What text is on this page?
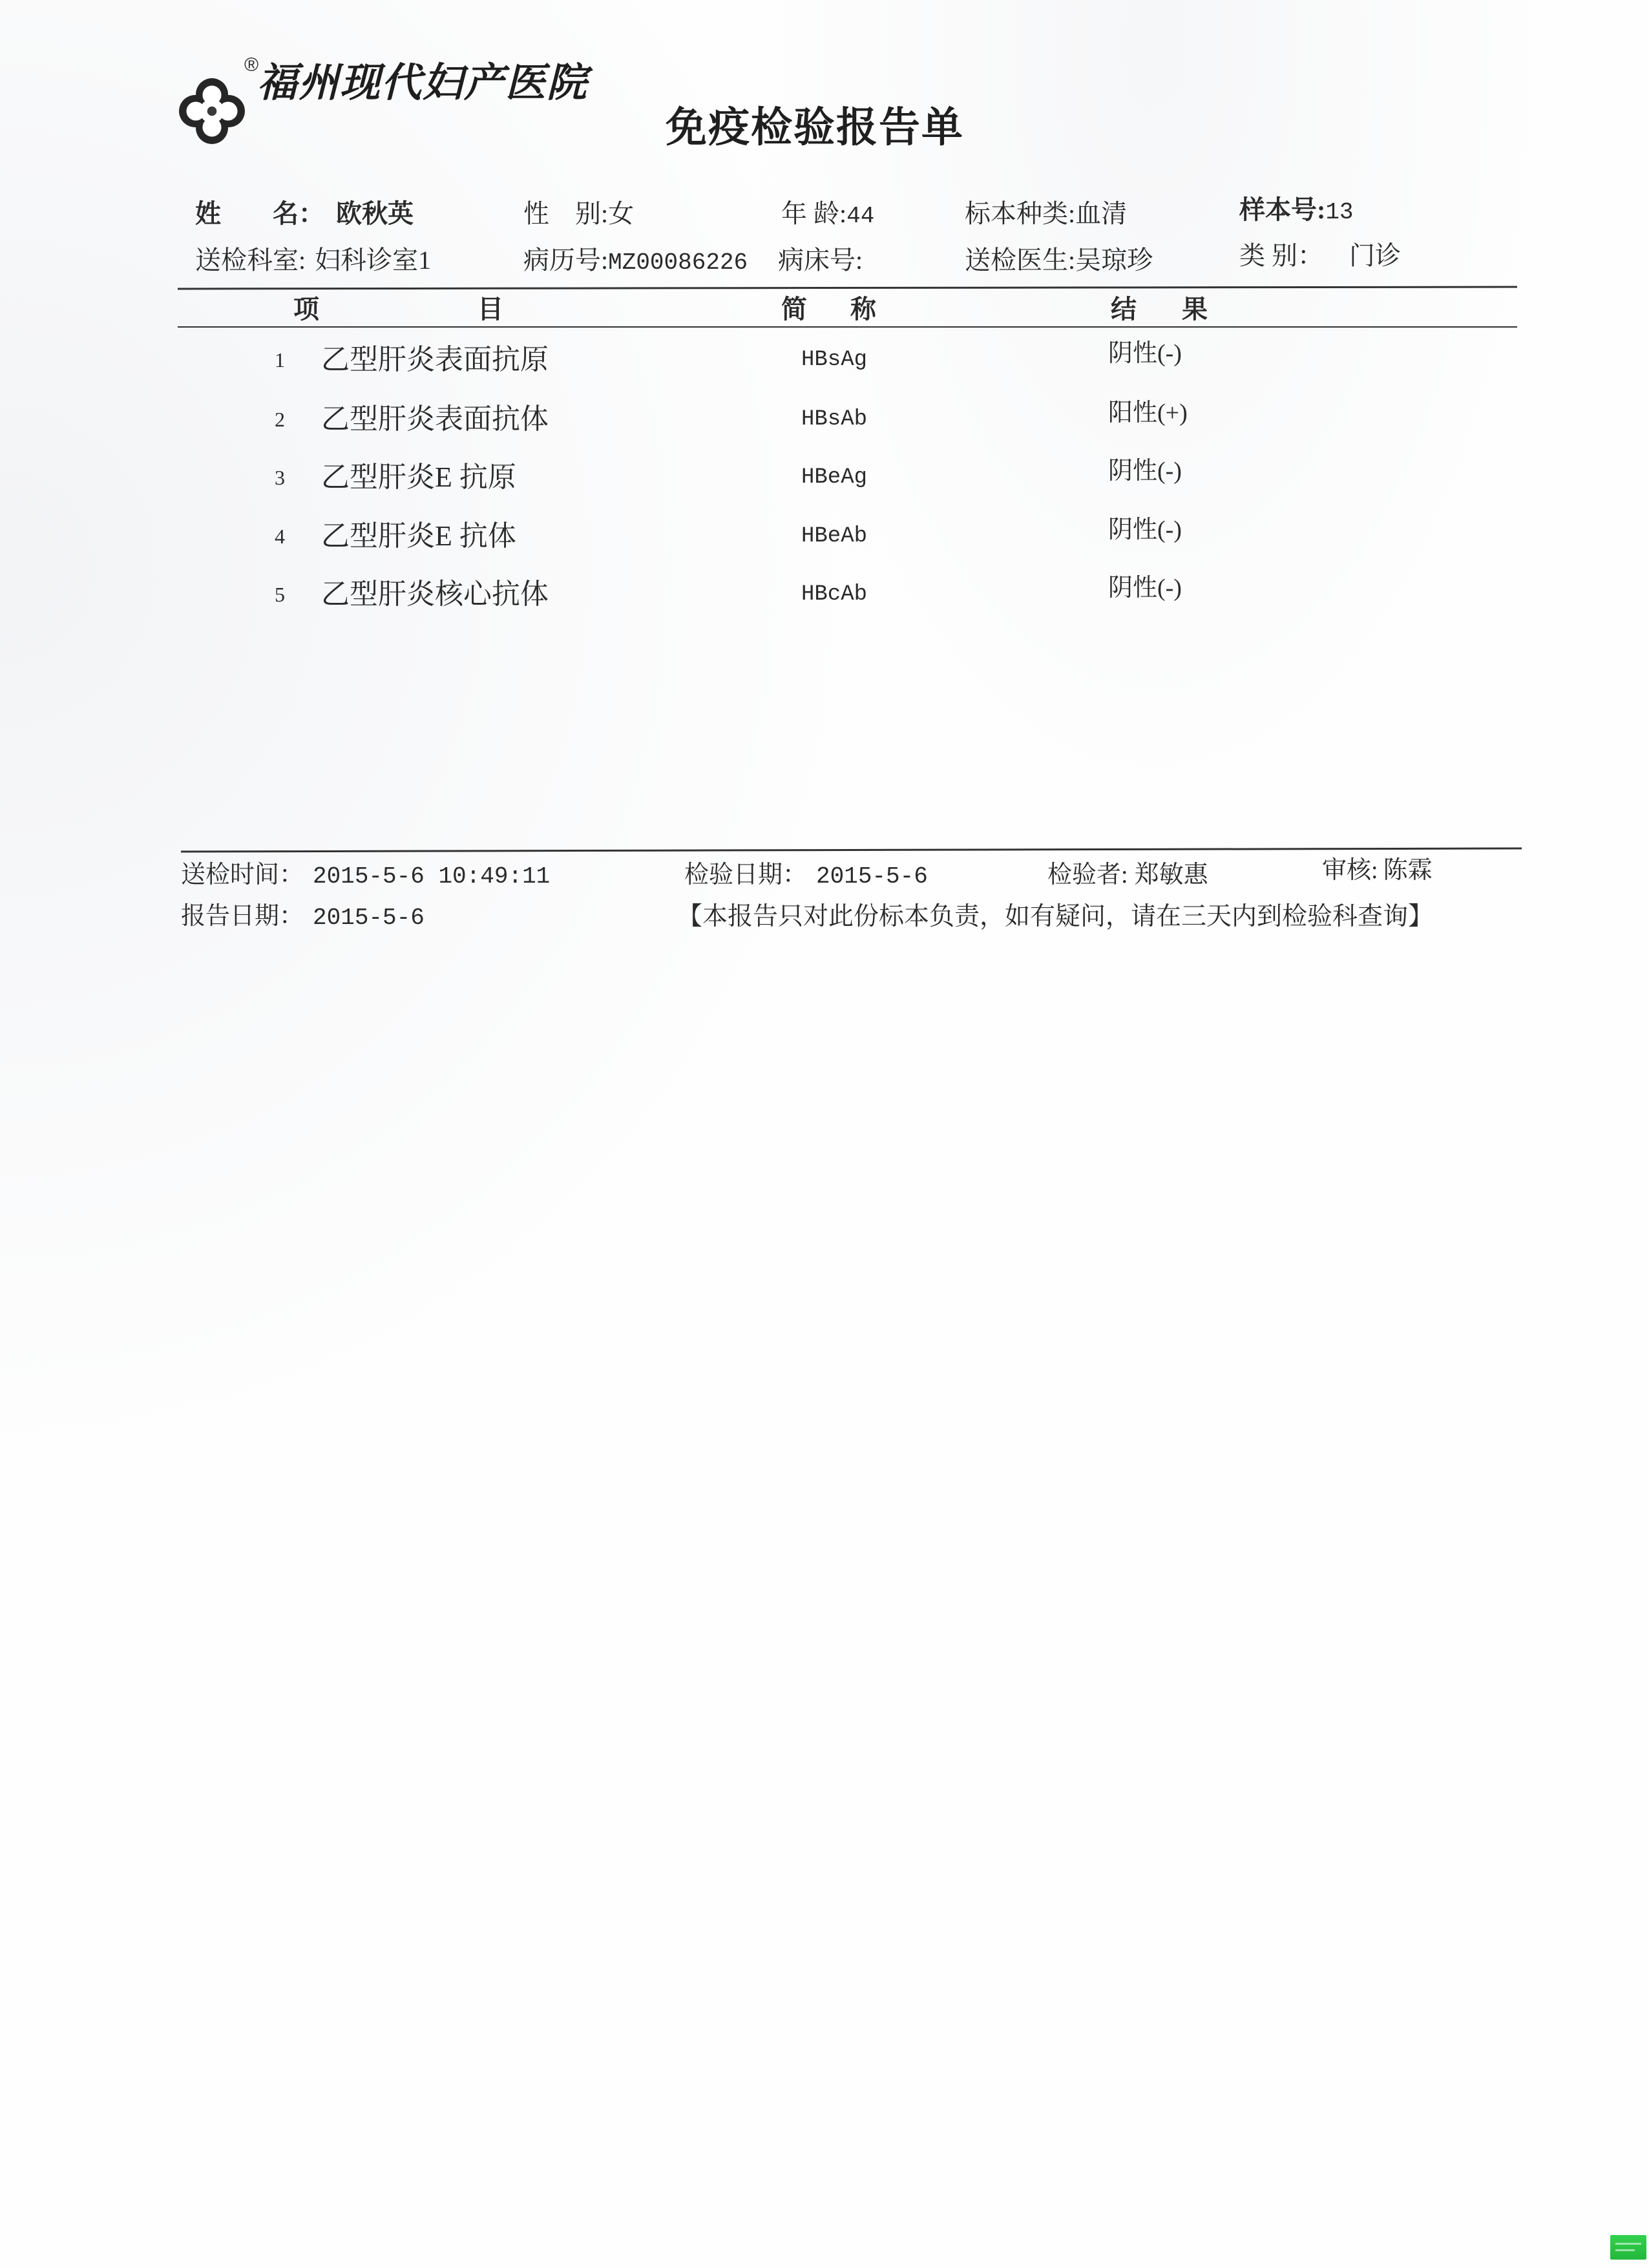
®
福州现代妇产医院
免疫检验报告单
姓　　名： 欧秋英	性　别:女	年 龄:44	标本种类:血清	样本号:13
送检科室: 妇科诊室1	病历号:MZ00086226 病床号:	送检医生:吴琼珍	类 别： 门诊
项目	简称	结果
1 乙型肝炎表面抗原	HBsAg	阴性(-)
2 乙型肝炎表面抗体	HBsAb	阳性(+)
3 乙型肝炎E 抗原	HBeAg	阴性(-)
4 乙型肝炎E 抗体	HBeAb	阴性(-)
5 乙型肝炎核心抗体	HBcAb	阴性(-)
送检时间： 2015-5-6 10:49:11	检验日期： 2015-5-6	检验者: 郑敏惠	审核: 陈霖
报告日期： 2015-5-6	【本报告只对此份标本负责，如有疑问，请在三天内到检验科查询】
